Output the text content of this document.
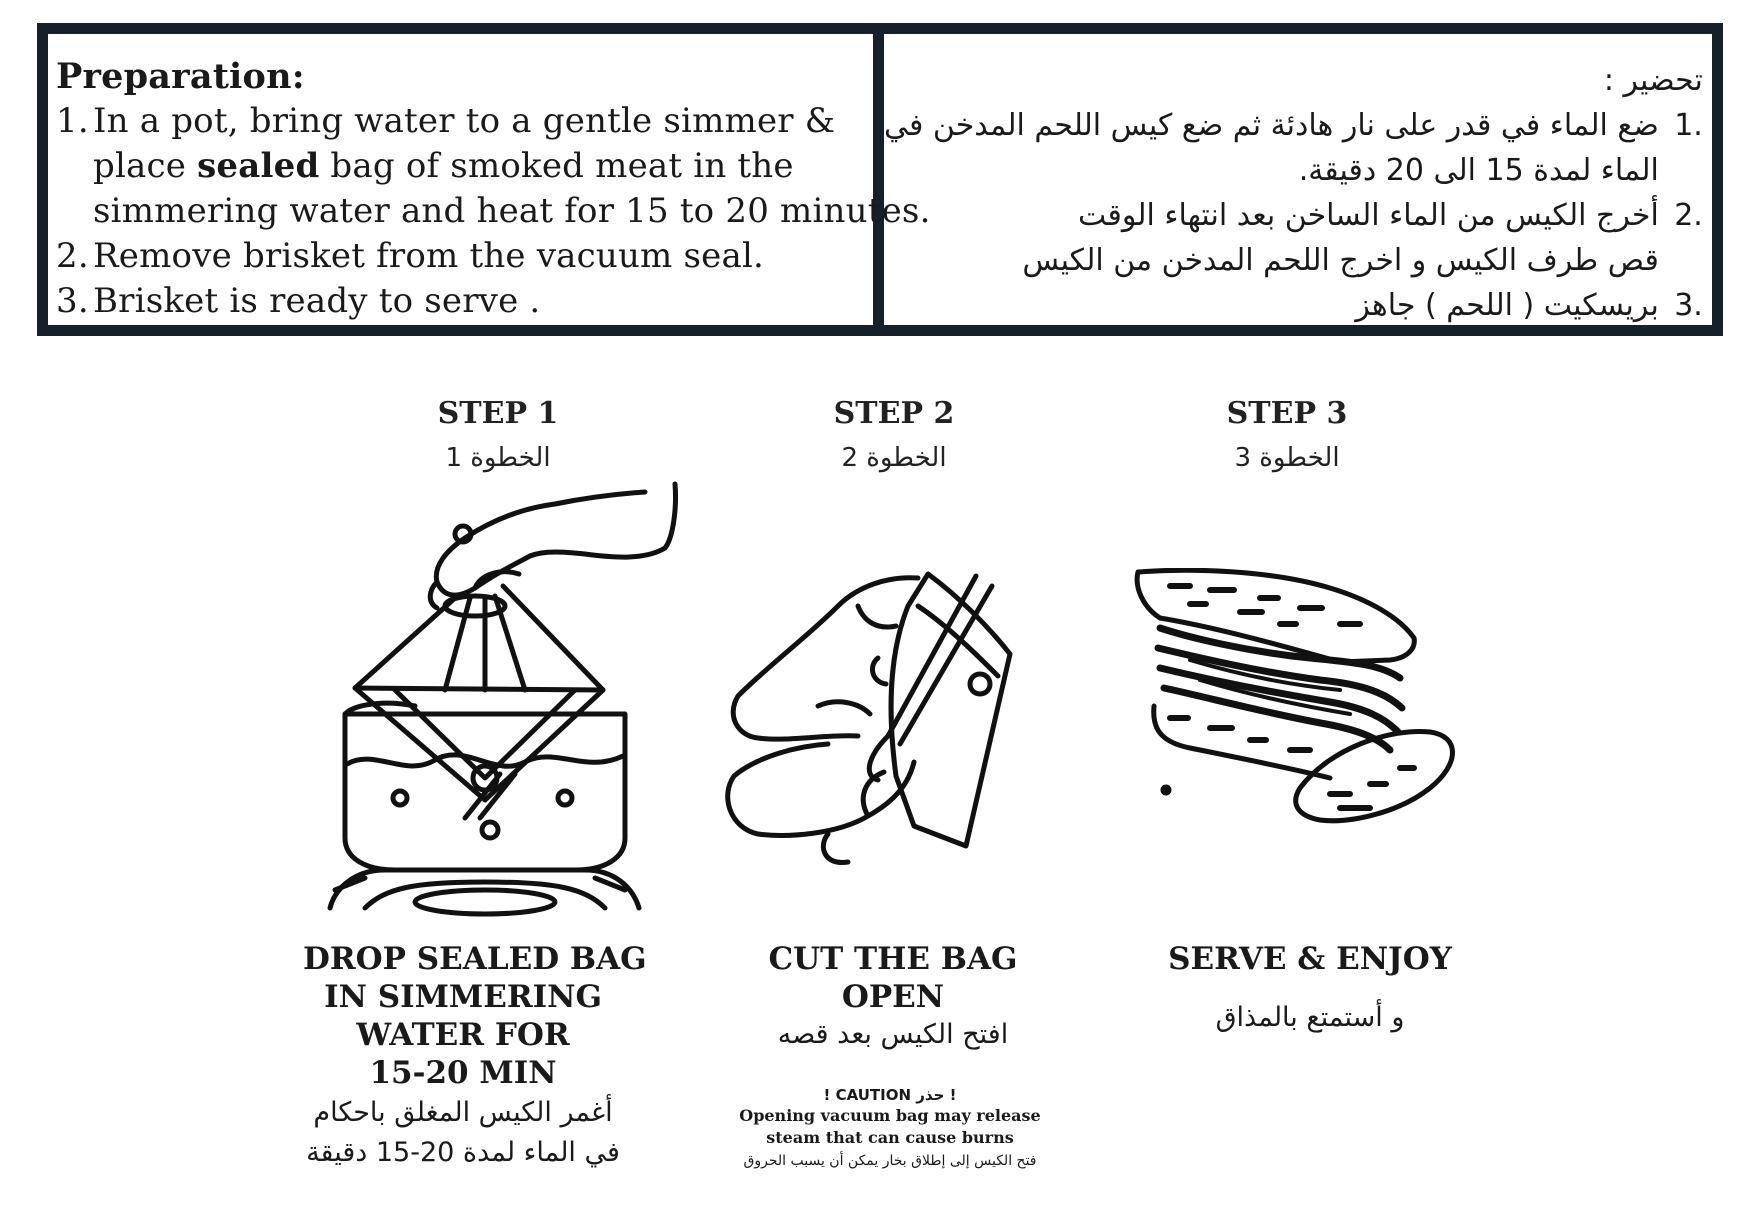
Preparation:
1. In a pot, bring water to a gentle simmer &
place sealed bag of smoked meat in the
simmering water and heat for 15 to 20 minutes.
2. Remove brisket from the vacuum seal.
3. Brisket is ready to serve .
تحضير :
1.
ضع الماء في قدر على نار هادئة ثم ضع كيس اللحم المدخن في
الماء لمدة 15 الى 20 دقيقة.
2.
أخرج الكيس من الماء الساخن بعد انتهاء الوقت
قص طرف الكيس و اخرج اللحم المدخن من الكيس
3.
بريسكيت ( اللحم ) جاهز
STEP 1
الخطوة 1
DROP SEALED BAG
IN SIMMERING
WATER FOR
15-20 MIN
أغمر الكيس المغلق باحكام
في الماء لمدة 20-15 دقيقة
STEP 2
الخطوة 2
CUT THE BAG
OPEN
افتح الكيس بعد قصه
! CAUTION حذر !
Opening vacuum bag may release
steam that can cause burns
فتح الكيس إلى إطلاق بخار يمكن أن يسبب الحروق
STEP 3
الخطوة 3
SERVE & ENJOY
و أستمتع بالمذاق
